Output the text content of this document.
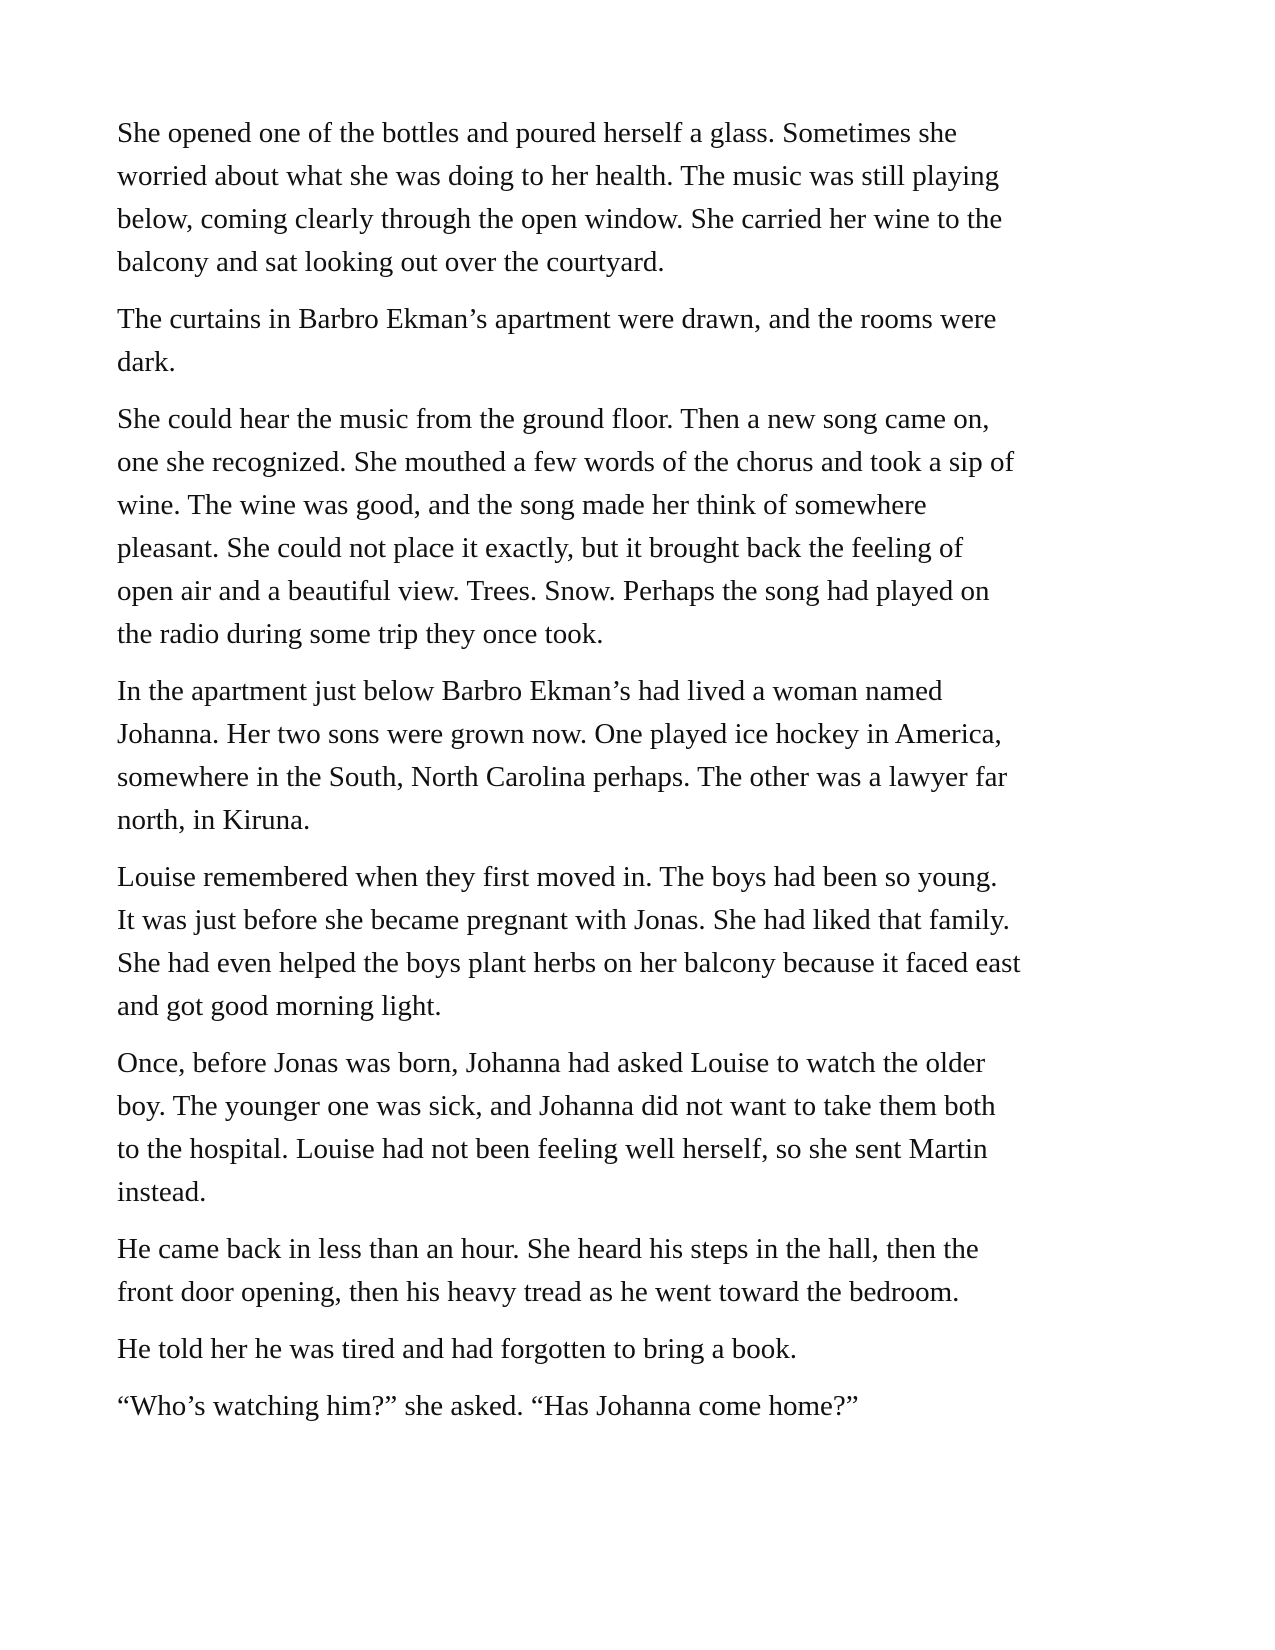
She opened one of the bottles and poured herself a glass. Sometimes she
worried about what she was doing to her health. The music was still playing
below, coming clearly through the open window. She carried her wine to the
balcony and sat looking out over the courtyard.

The curtains in Barbro Ekman’s apartment were drawn, and the rooms were
dark.

She could hear the music from the ground floor. Then a new song came on,
one she recognized. She mouthed a few words of the chorus and took a sip of
wine. The wine was good, and the song made her think of somewhere
pleasant. She could not place it exactly, but it brought back the feeling of
open air and a beautiful view. Trees. Snow. Perhaps the song had played on
the radio during some trip they once took.

In the apartment just below Barbro Ekman’s had lived a woman named
Johanna. Her two sons were grown now. One played ice hockey in America,
somewhere in the South, North Carolina perhaps. The other was a lawyer far
north, in Kiruna.

Louise remembered when they first moved in. The boys had been so young.
It was just before she became pregnant with Jonas. She had liked that family.
She had even helped the boys plant herbs on her balcony because it faced east
and got good morning light.

Once, before Jonas was born, Johanna had asked Louise to watch the older
boy. The younger one was sick, and Johanna did not want to take them both
to the hospital. Louise had not been feeling well herself, so she sent Martin
instead.

He came back in less than an hour. She heard his steps in the hall, then the
front door opening, then his heavy tread as he went toward the bedroom.

He told her he was tired and had forgotten to bring a book.

“Who’s watching him?” she asked. “Has Johanna come home?”
